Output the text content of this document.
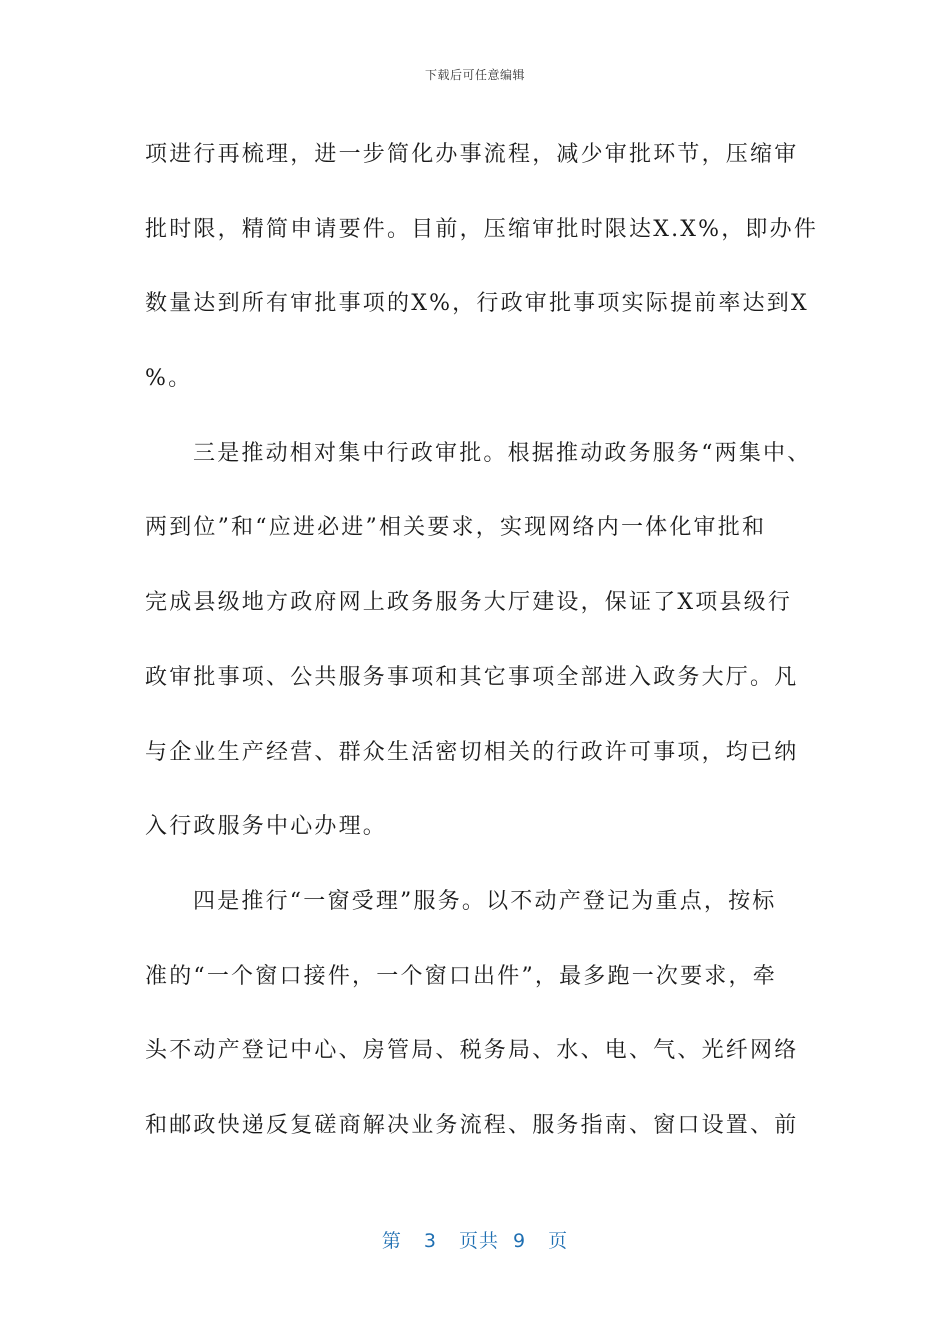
下载后可任意编辑
项进行再梳理，进一步简化办事流程，减少审批环节，压缩审
批时限，精简申请要件。目前，压缩审批时限达X.X%，即办件
数量达到所有审批事项的X%，行政审批事项实际提前率达到X
%。
三是推动相对集中行政审批。根据推动政务服务“两集中、
两到位”和“应进必进”相关要求，实现网络内一体化审批和
完成县级地方政府网上政务服务大厅建设，保证了X项县级行
政审批事项、公共服务事项和其它事项全部进入政务大厅。凡
与企业生产经营、群众生活密切相关的行政许可事项，均已纳
入行政服务中心办理。
四是推行“一窗受理”服务。以不动产登记为重点，按标
准的“一个窗口接件，一个窗口出件”，最多跑一次要求，牵
头不动产登记中心、房管局、税务局、水、电、气、光纤网络
和邮政快递反复磋商解决业务流程、服务指南、窗口设置、前
第 3 页共 9 页
